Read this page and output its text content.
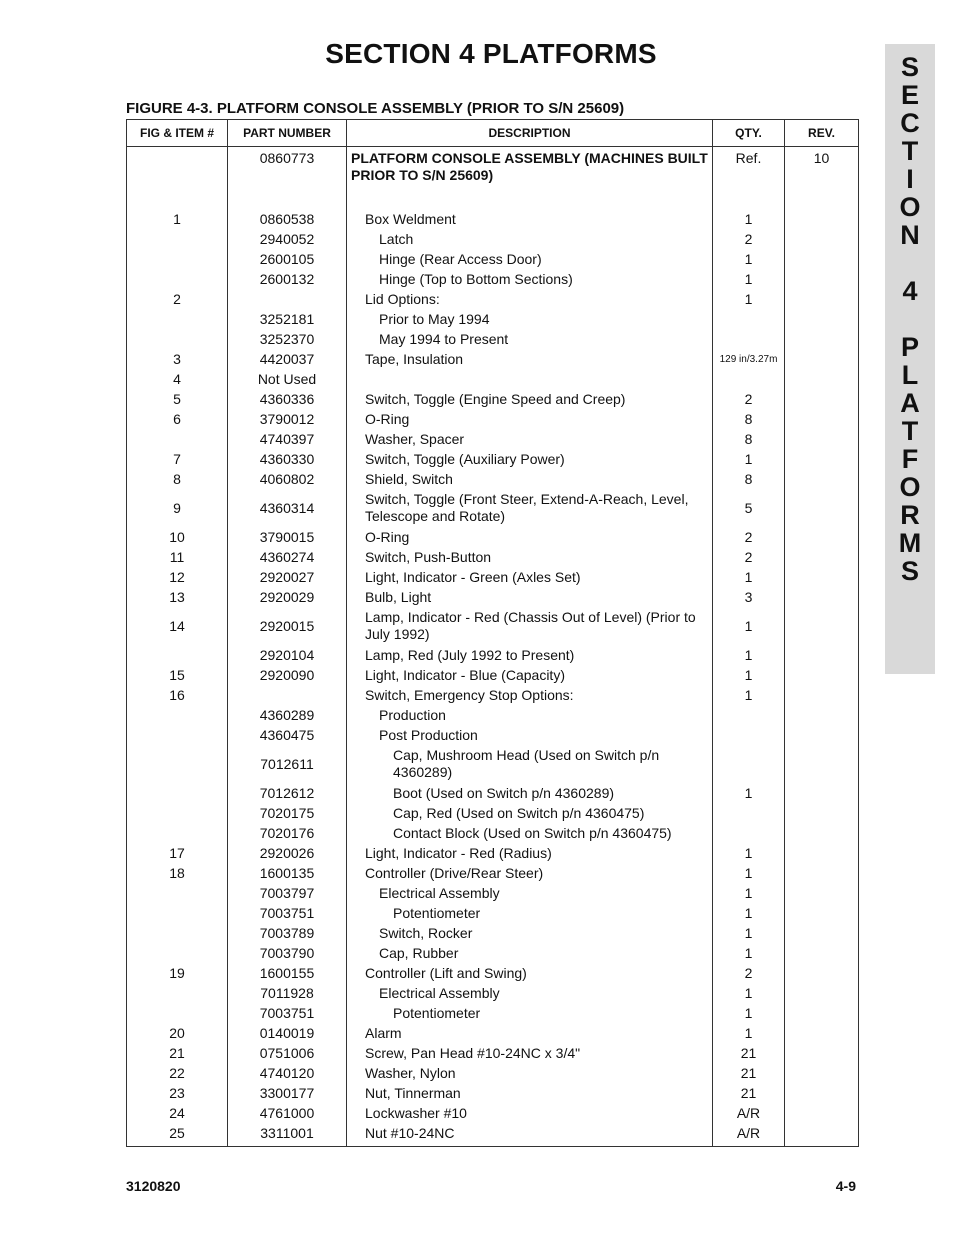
SECTION 4 PLATFORMS	S
E
C
T
I
O
N

4

P
L
A
T
F
O
R
M
S
FIGURE 4-3. PLATFORM CONSOLE ASSEMBLY (PRIOR TO S/N 25609)
FIG & ITEM #	PART NUMBER	DESCRIPTION	QTY.	REV.
	0860773	PLATFORM CONSOLE ASSEMBLY (MACHINES BUILT PRIOR TO S/N 25609)	Ref.	10

1	0860538	Box Weldment	1	
	2940052	Latch	2	
	2600105	Hinge (Rear Access Door)	1	
	2600132	Hinge (Top to Bottom Sections)	1	
2		Lid Options:	1	
	3252181	Prior to May 1994		
	3252370	May 1994 to Present		
3	4420037	Tape, Insulation	129 in/3.27m	
4	Not Used			
5	4360336	Switch, Toggle (Engine Speed and Creep)	2	
6	3790012	O-Ring	8	
	4740397	Washer, Spacer	8	
7	4360330	Switch, Toggle (Auxiliary Power)	1	
8	4060802	Shield, Switch	8	
9	4360314	Switch, Toggle (Front Steer, Extend-A-Reach, Level, Telescope and Rotate)	5	
10	3790015	O-Ring	2	
11	4360274	Switch, Push-Button	2	
12	2920027	Light, Indicator - Green (Axles Set)	1	
13	2920029	Bulb, Light	3	
14	2920015	Lamp, Indicator - Red (Chassis Out of Level) (Prior to July 1992)	1	
	2920104	Lamp, Red (July 1992 to Present)	1	
15	2920090	Light, Indicator - Blue (Capacity)	1	
16		Switch, Emergency Stop Options:	1	
	4360289	Production		
	4360475	Post Production		
	7012611	Cap, Mushroom Head (Used on Switch p/n 4360289)		
	7012612	Boot (Used on Switch p/n 4360289)	1	
	7020175	Cap, Red (Used on Switch p/n 4360475)		
	7020176	Contact Block (Used on Switch p/n 4360475)		
17	2920026	Light, Indicator - Red (Radius)	1	
18	1600135	Controller (Drive/Rear Steer)	1	
	7003797	Electrical Assembly	1	
	7003751	Potentiometer	1	
	7003789	Switch, Rocker	1	
	7003790	Cap, Rubber	1	
19	1600155	Controller (Lift and Swing)	2	
	7011928	Electrical Assembly	1	
	7003751	Potentiometer	1	
20	0140019	Alarm	1	
21	0751006	Screw, Pan Head #10-24NC x 3/4"	21	
22	4740120	Washer, Nylon	21	
23	3300177	Nut, Tinnerman	21	
24	4761000	Lockwasher #10	A/R	
25	3311001	Nut #10-24NC	A/R	

3120820	4-9
